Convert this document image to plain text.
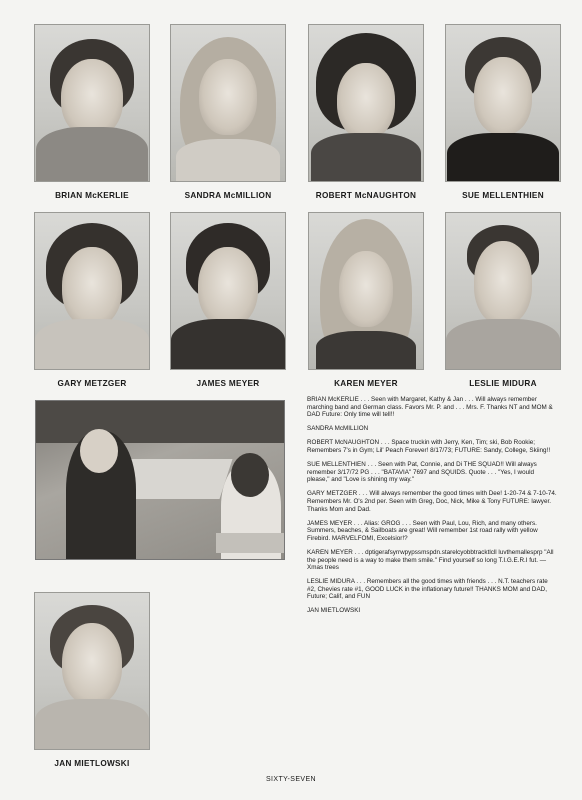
BRIAN McKERLIE	SANDRA McMILLION	ROBERT McNAUGHTON	SUE MELLENTHIEN
GARY METZGER	JAMES MEYER	KAREN MEYER	LESLIE MIDURA
JAN MIETLOWSKI

BRIAN McKERLIE . . . Seen with Margaret, Kathy & Jan . . . Will always remember marching band and German class. Favors Mr. P. and . . . Mrs. F. Thanks NT and MOM & DAD Future: Only time will tell!!

SANDRA McMILLION

ROBERT McNAUGHTON . . . Space truckin with Jerry, Ken, Tim; ski, Bob Rookie; Remembers 7's in Gym; Lil' Peach Forever! 8/17/73; FUTURE: Sandy, College, Skiing!!

SUE MELLENTHIEN . . . Seen with Pat, Connie, and Di THE SQUAD!! Will always remember 3/17/72 PG . . . "BATAVIA" 7697 and SQUIDS. Quote . . . "Yes, I would please," and "Love is shining my way."

GARY METZGER . . . Will always remember the good times with Dee! 1-20-74 & 7-10-74. Remembers Mr. O's 2nd per. Seen with Greg, Doc, Nick, Mike & Tony FUTURE: lawyer. Thanks Mom and Dad.

JAMES MEYER . . . Alias: GROG . . . Seen with Paul, Lou, Rich, and many others. Summers, beaches, & Sailboats are great! Will remember 1st road rally with yellow Firebird. MARVELFOMI, Excelsior!?

KAREN MEYER . . . dptigerafsyrrwpypssmspdn.starelcyobbtracktlcll luvthemallesprp "All the people need is a way to make them smile." Find yourself so long T.I.G.E.R.I fut. — Xmas trees

LESLIE MIDURA . . . Remembers all the good times with friends . . . N.T. teachers rate #2, Chevies rate #1, GOOD LUCK in the inflationary future!! THANKS MOM and DAD, Future; Calif, and FUN

JAN MIETLOWSKI

SIXTY-SEVEN
